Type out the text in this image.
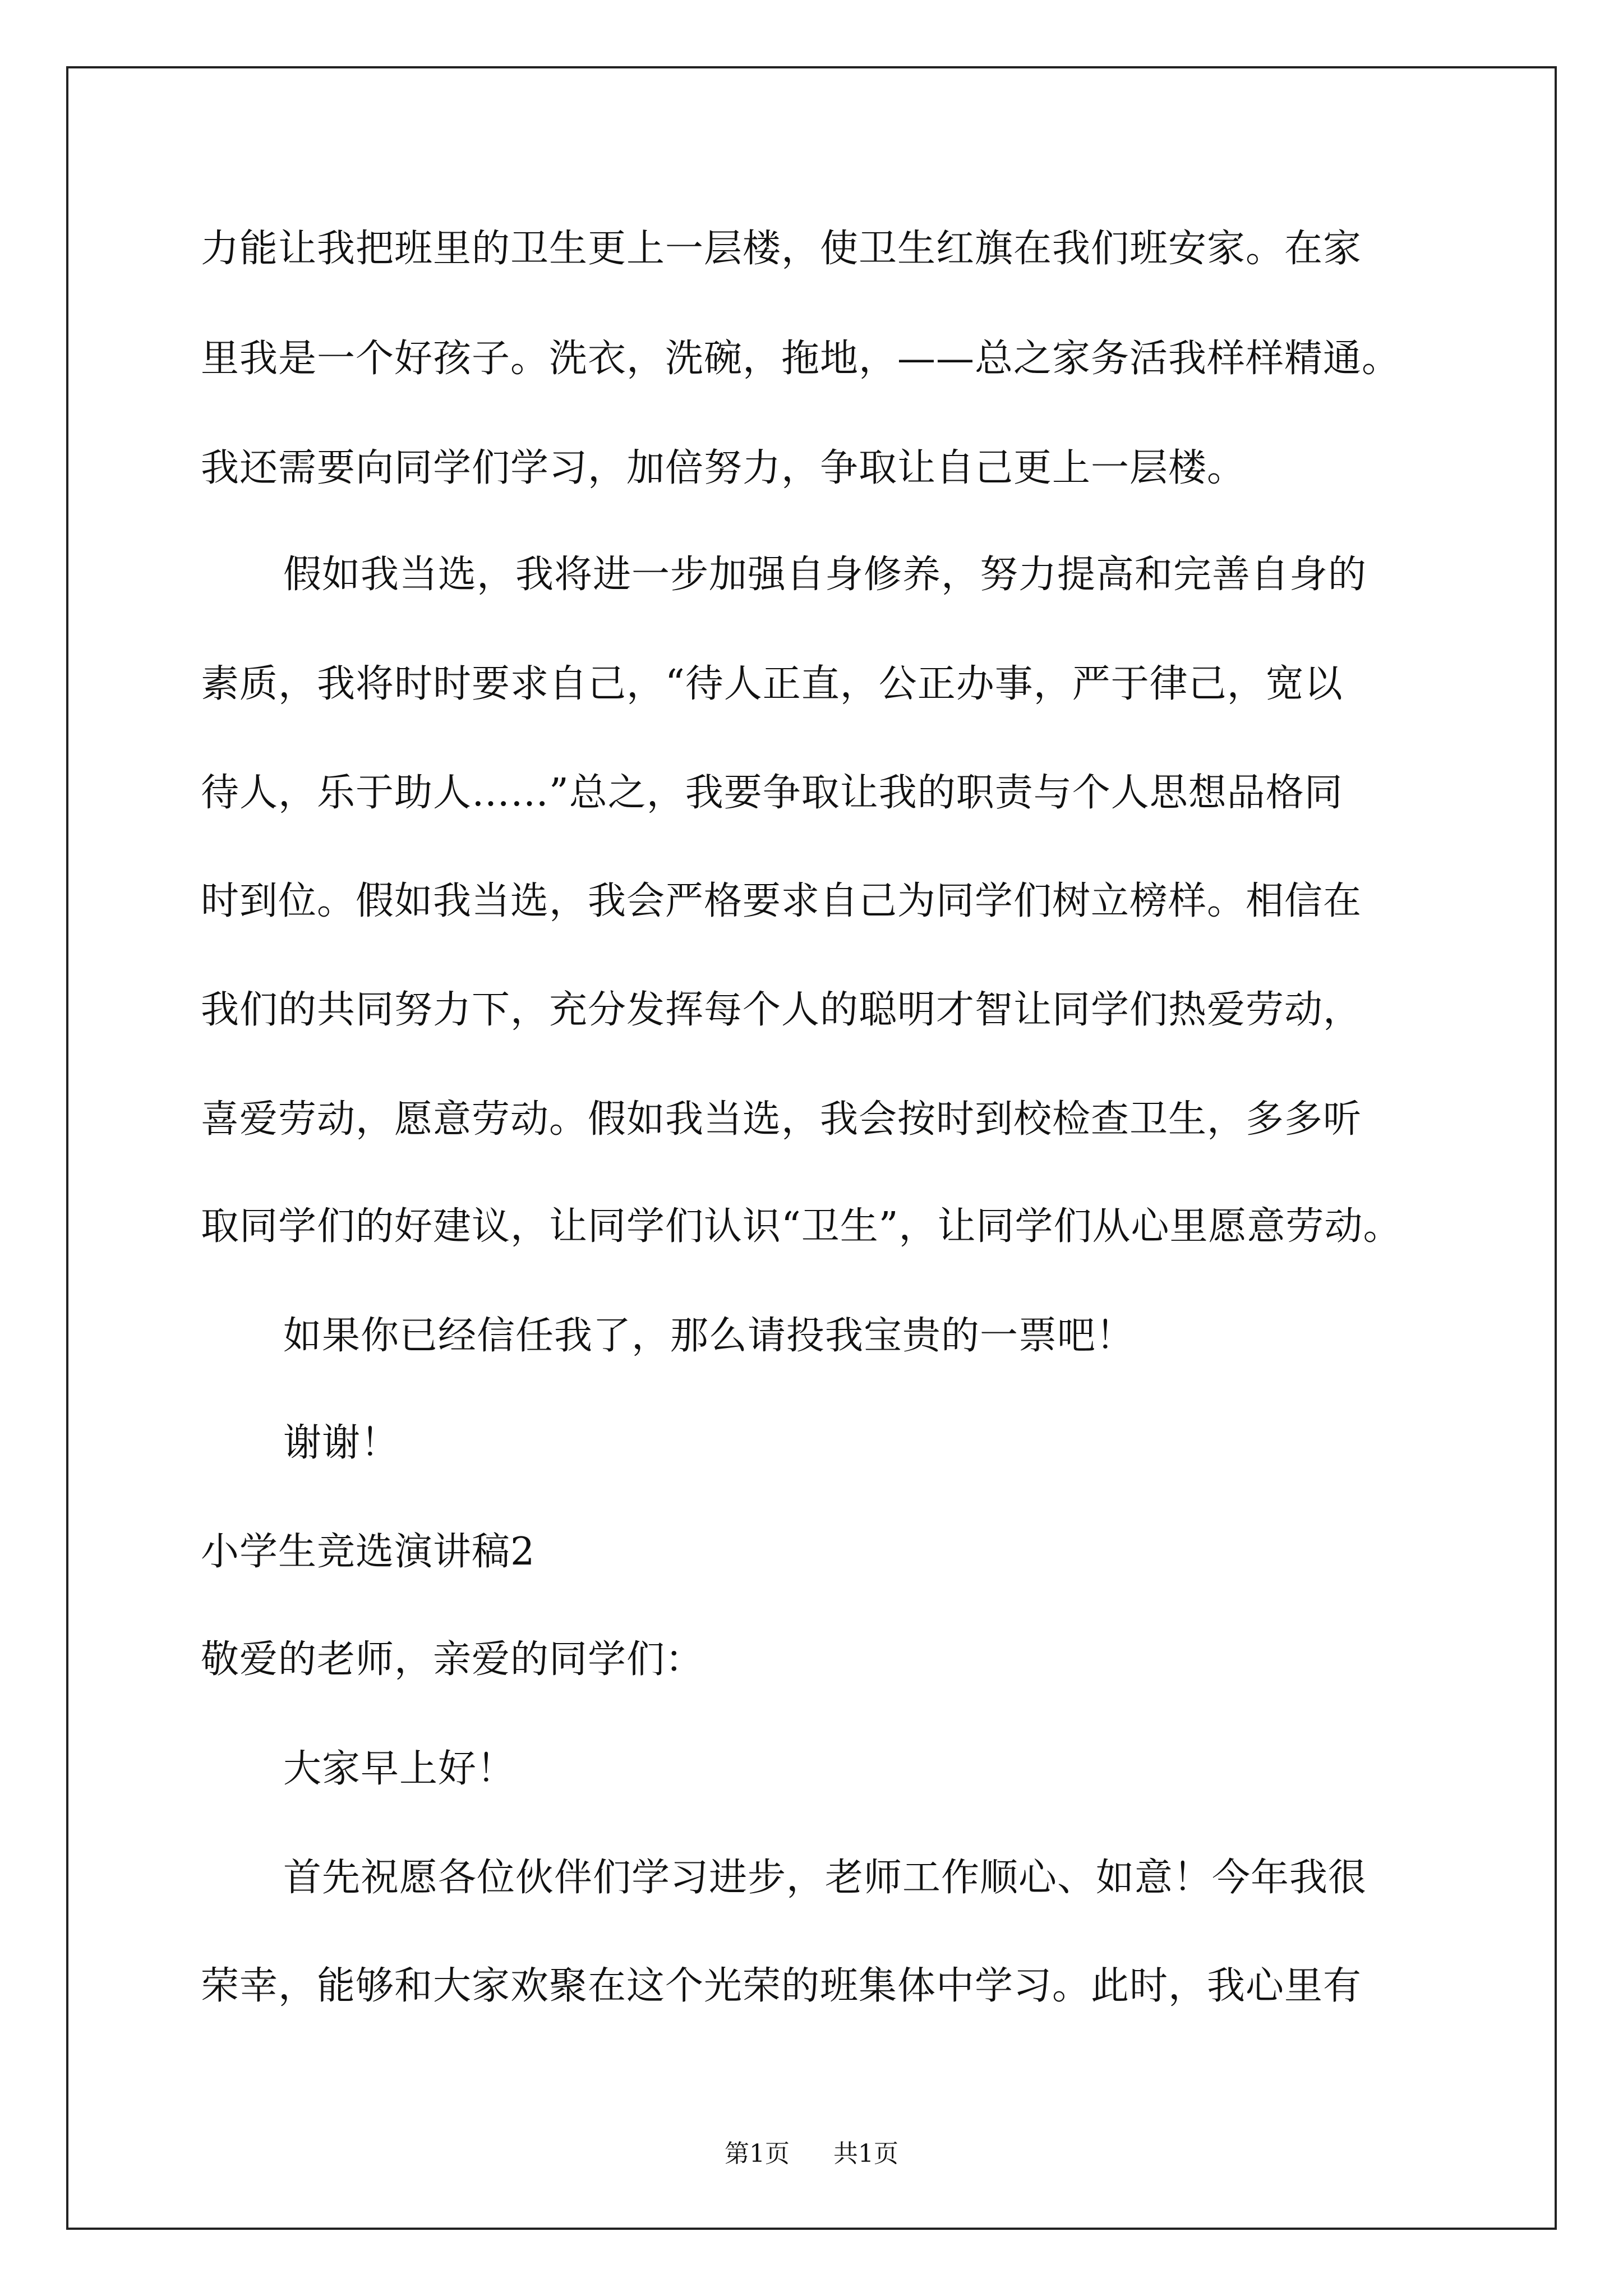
力能让我把班里的卫生更上一层楼，使卫生红旗在我们班安家。在家

里我是一个好孩子。洗衣，洗碗，拖地，——总之家务活我样样精通。

我还需要向同学们学习，加倍努力，争取让自己更上一层楼。

假如我当选，我将进一步加强自身修养，努力提高和完善自身的

素质，我将时时要求自己，“待人正直，公正办事，严于律己，宽以

待人，乐于助人……”总之，我要争取让我的职责与个人思想品格同

时到位。假如我当选，我会严格要求自己为同学们树立榜样。相信在

我们的共同努力下，充分发挥每个人的聪明才智让同学们热爱劳动，

喜爱劳动，愿意劳动。假如我当选，我会按时到校检查卫生，多多听

取同学们的好建议，让同学们认识“卫生”，让同学们从心里愿意劳动。

如果你已经信任我了，那么请投我宝贵的一票吧！

谢谢！

小学生竞选演讲稿2

敬爱的老师，亲爱的同学们：

大家早上好！

首先祝愿各位伙伴们学习进步，老师工作顺心、如意！今年我很

荣幸，能够和大家欢聚在这个光荣的班集体中学习。此时，我心里有

第1页 共1页
